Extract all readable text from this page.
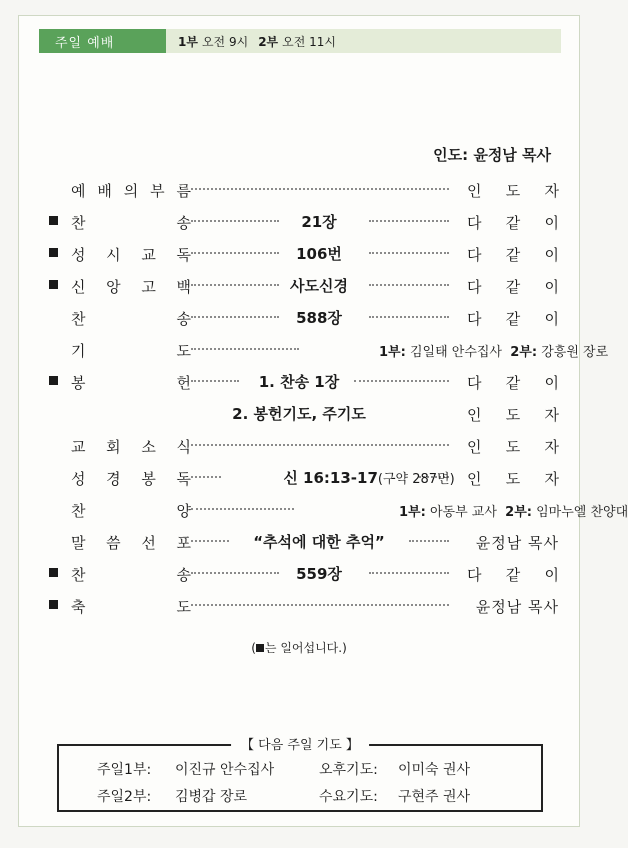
주일 예배	1부 오전 9시 2부 오전 11시
인도: 윤정남 목사
예 배 의 부 름	인 도 자
찬	송	21장	다 같 이
성 시 교 독	106번	다 같 이
신 앙 고 백	사도신경	다 같 이
찬	송	588장	다 같 이
기	도	1부: 김일태 안수집사 2부: 강흥원 장로
봉	헌	1. 찬송 1장	다 같 이
2. 봉헌기도, 주기도	인 도 자
교 회 소 식	인 도 자
성 경 봉 독	신 16:13-17(구약 287면) 인 도 자
찬	양	1부: 아동부 교사 2부: 임마누엘 찬양대
말 씀 선 포	“추석에 대한 추억”	윤정남 목사
찬	송	559장	다 같 이
축	도	윤정남 목사
( 는 일어섭니다.)
【 다음 주일 기도 】
주일1부: 이진규 안수집사	오후기도: 이미숙 권사
주일2부: 김병갑 장로	수요기도: 구현주 권사
